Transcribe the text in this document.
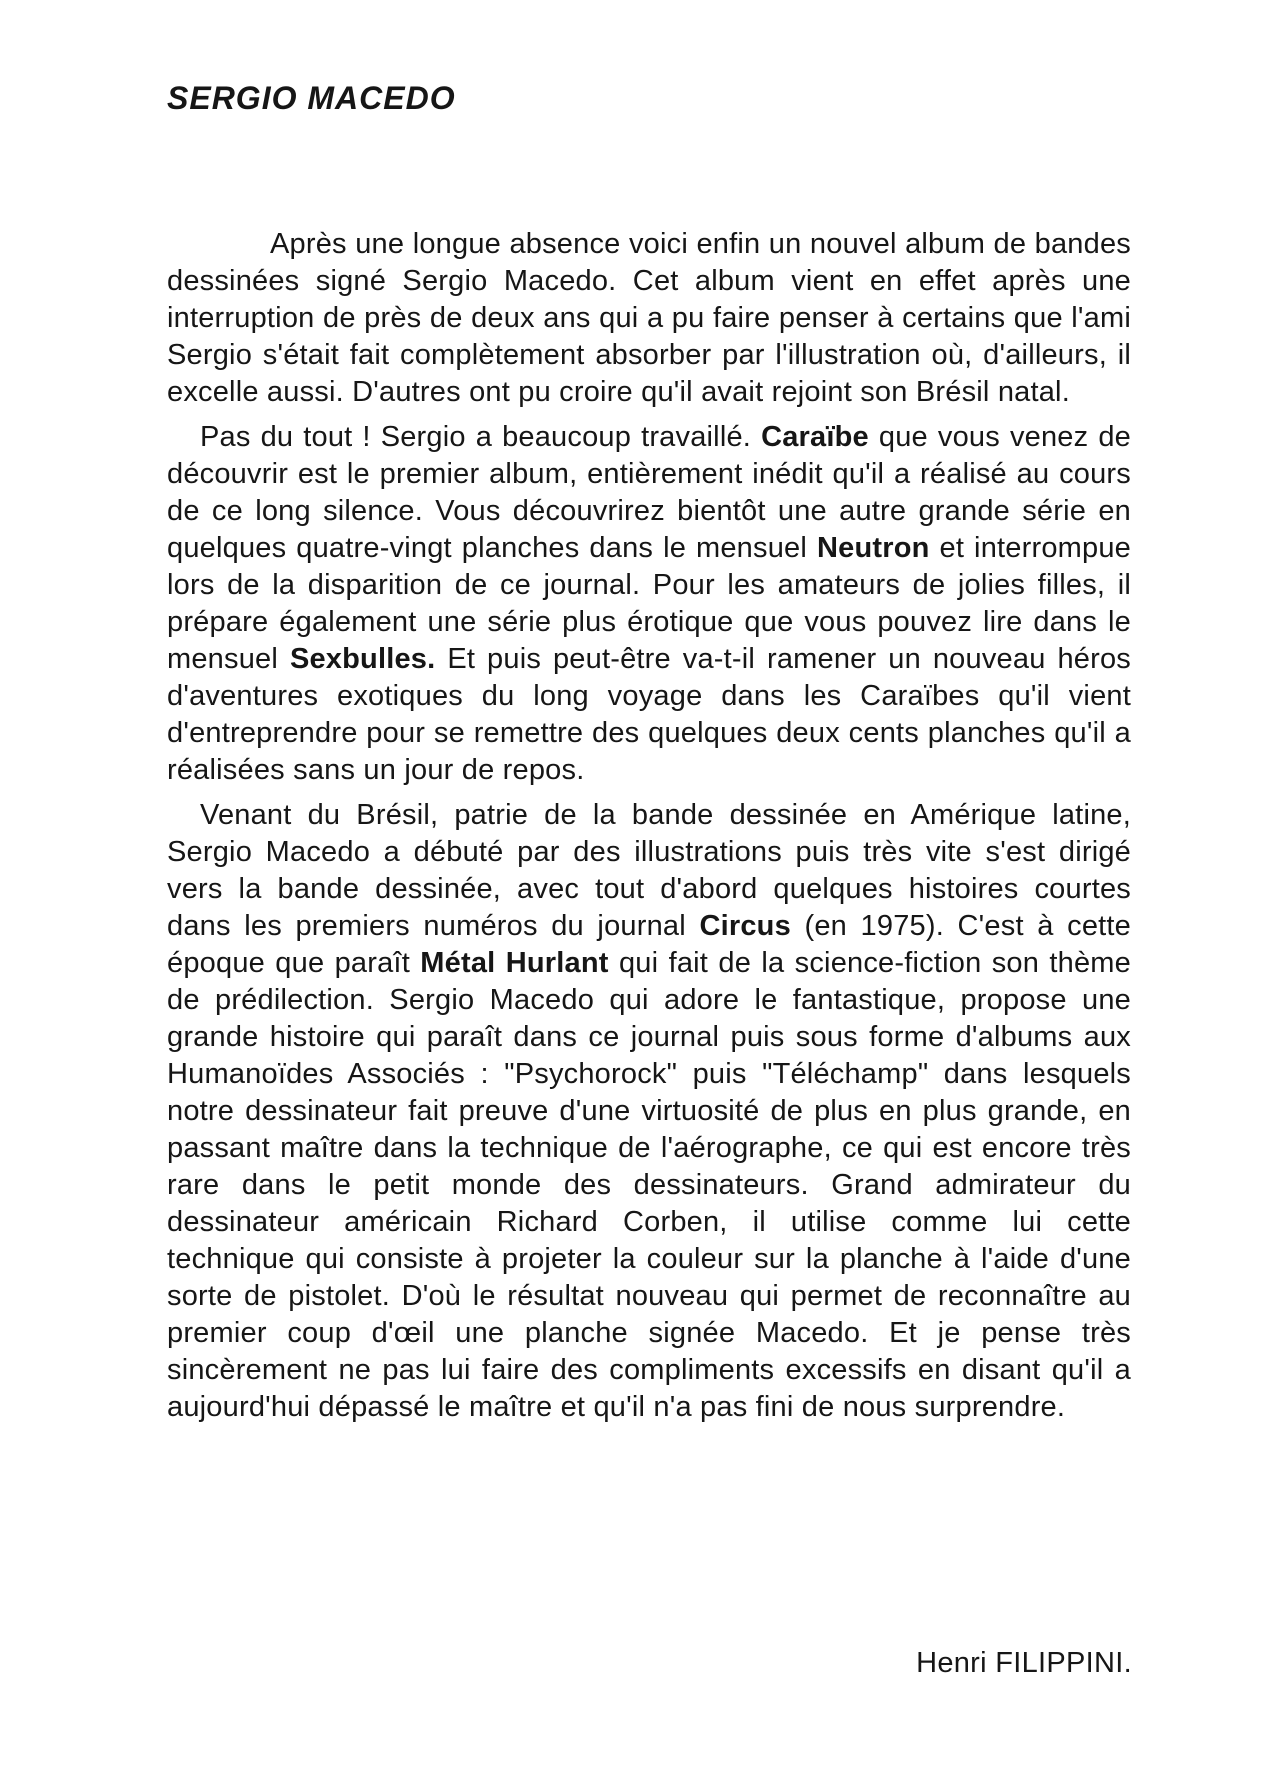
SERGIO MACEDO

Après une longue absence voici enfin un nouvel album de bandes dessinées signé Sergio Macedo. Cet album vient en effet après une interruption de près de deux ans qui a pu faire penser à certains que l'ami Sergio s'était fait complètement absorber par l'illustration où, d'ailleurs, il excelle aussi. D'autres ont pu croire qu'il avait rejoint son Brésil natal.

Pas du tout ! Sergio a beaucoup travaillé. Caraïbe que vous venez de découvrir est le premier album, entièrement inédit qu'il a réalisé au cours de ce long silence. Vous découvrirez bientôt une autre grande série en quelques quatre-vingt planches dans le mensuel Neutron et interrompue lors de la disparition de ce journal. Pour les amateurs de jolies filles, il prépare également une série plus érotique que vous pouvez lire dans le mensuel Sexbulles. Et puis peut-être va-t-il ramener un nouveau héros d'aventures exotiques du long voyage dans les Caraïbes qu'il vient d'entreprendre pour se remettre des quelques deux cents planches qu'il a réalisées sans un jour de repos.

Venant du Brésil, patrie de la bande dessinée en Amérique latine, Sergio Macedo a débuté par des illustrations puis très vite s'est dirigé vers la bande dessinée, avec tout d'abord quelques histoires courtes dans les premiers numéros du journal Circus (en 1975). C'est à cette époque que paraît Métal Hurlant qui fait de la science-fiction son thème de prédilection. Sergio Macedo qui adore le fantastique, propose une grande histoire qui paraît dans ce journal puis sous forme d'albums aux Humanoïdes Associés : "Psychorock" puis "Téléchamp" dans lesquels notre dessinateur fait preuve d'une virtuosité de plus en plus grande, en passant maître dans la technique de l'aérographe, ce qui est encore très rare dans le petit monde des dessinateurs. Grand admirateur du dessinateur américain Richard Corben, il utilise comme lui cette technique qui consiste à projeter la couleur sur la planche à l'aide d'une sorte de pistolet. D'où le résultat nouveau qui permet de reconnaître au premier coup d'œil une planche signée Macedo. Et je pense très sincèrement ne pas lui faire des compliments excessifs en disant qu'il a aujourd'hui dépassé le maître et qu'il n'a pas fini de nous surprendre.

Henri FILIPPINI.
